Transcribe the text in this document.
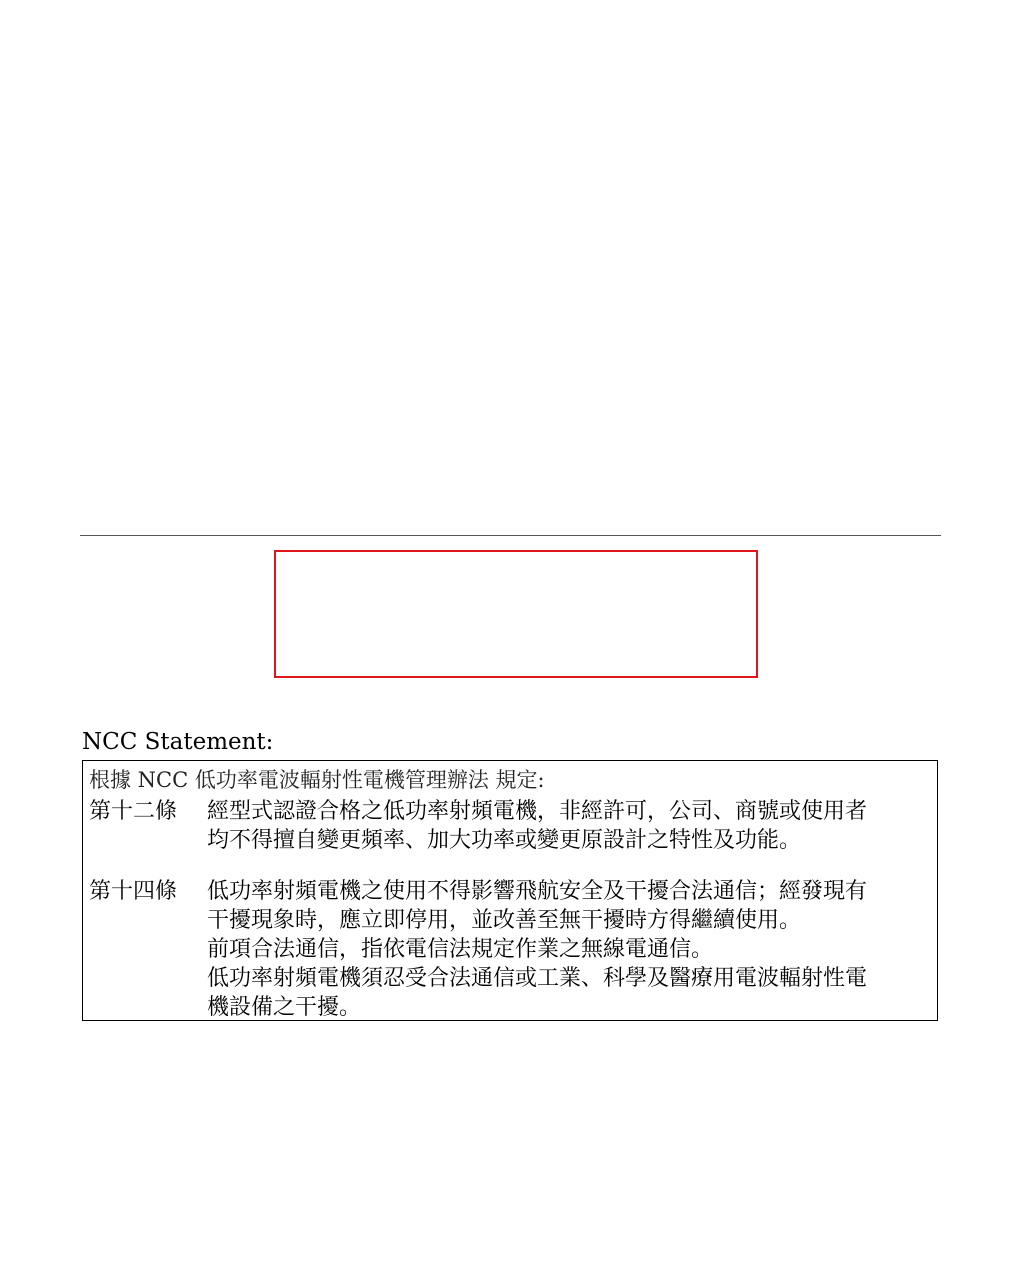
NCC Statement:
根據 NCC 低功率電波輻射性電機管理辦法 規定:
第十二條	經型式認證合格之低功率射頻電機，非經許可，公司、商號或使用者
均不得擅自變更頻率、加大功率或變更原設計之特性及功能。
第十四條	低功率射頻電機之使用不得影響飛航安全及干擾合法通信；經發現有
干擾現象時，應立即停用，並改善至無干擾時方得繼續使用。
前項合法通信，指依電信法規定作業之無線電通信。
低功率射頻電機須忍受合法通信或工業、科學及醫療用電波輻射性電
機設備之干擾。
